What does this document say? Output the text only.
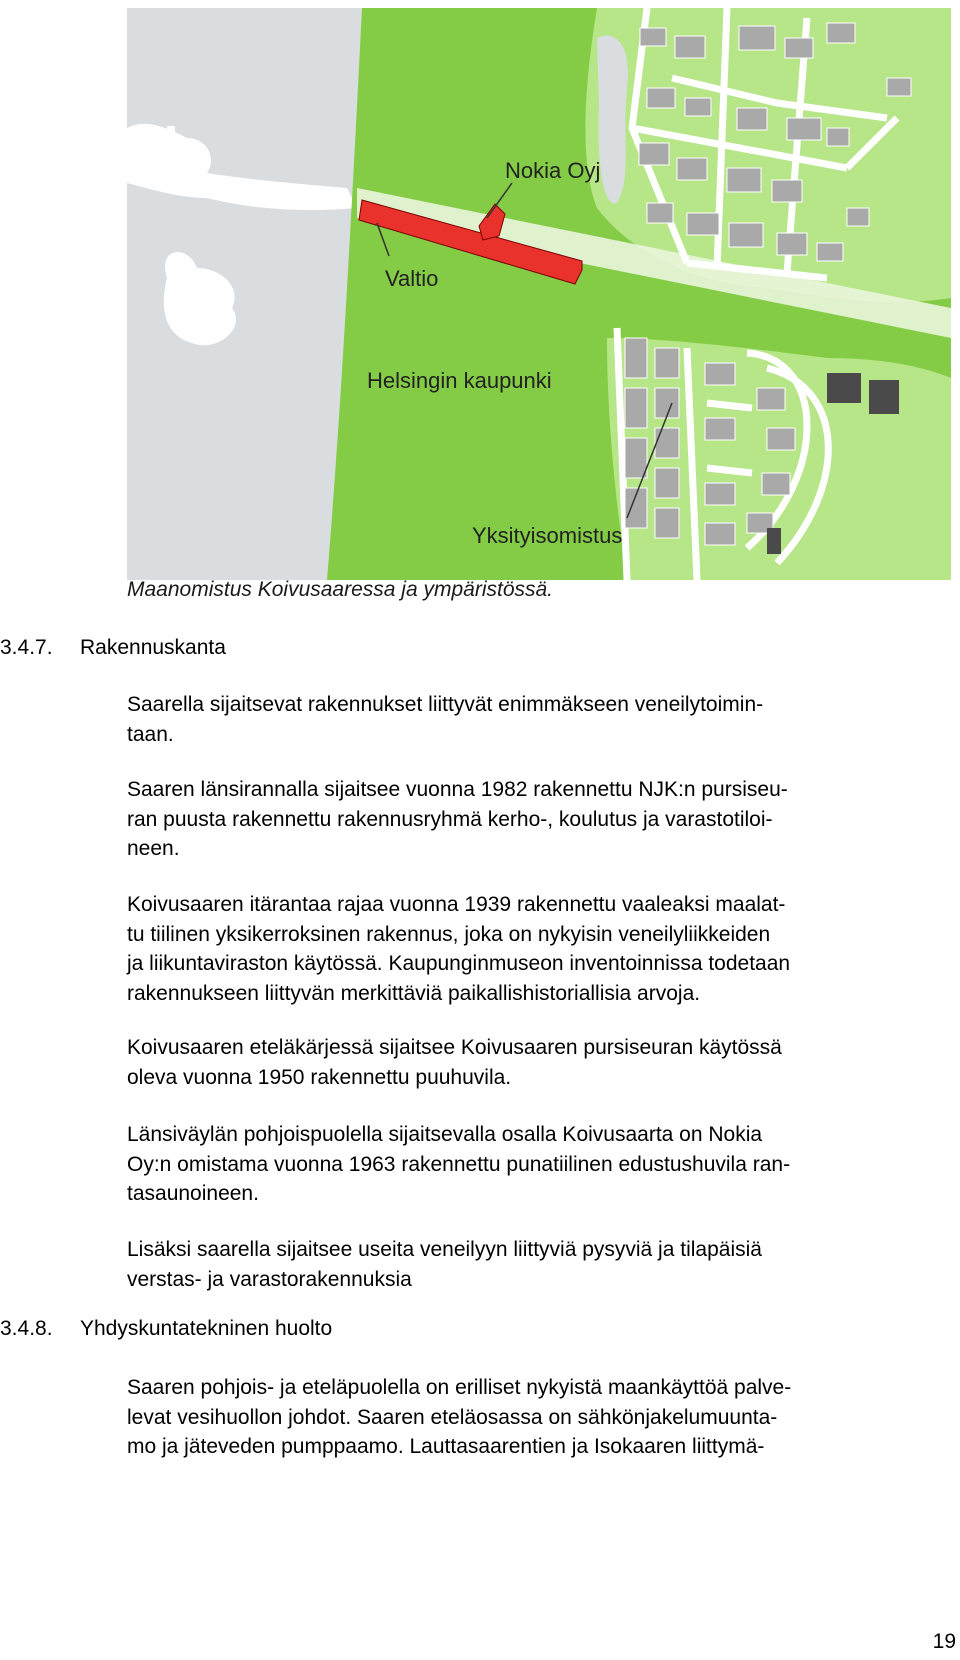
Nokia Oyj
Valtio
Helsingin kaupunki
Yksityisomistus
Maanomistus Koivusaaressa ja ympäristössä.
3.4.7. Rakennuskanta
Saarella sijaitsevat rakennukset liittyvät enimmäkseen veneilytoimin-
taan.
Saaren länsirannalla sijaitsee vuonna 1982 rakennettu NJK:n pursiseu-
ran puusta rakennettu rakennusryhmä kerho-, koulutus ja varastotiloi-
neen.
Koivusaaren itärantaa rajaa vuonna 1939 rakennettu vaaleaksi maalat-
tu tiilinen yksikerroksinen rakennus, joka on nykyisin veneilyliikkeiden
ja liikuntaviraston käytössä. Kaupunginmuseon inventoinnissa todetaan
rakennukseen liittyvän merkittäviä paikallishistoriallisia arvoja.
Koivusaaren eteläkärjessä sijaitsee Koivusaaren pursiseuran käytössä
oleva vuonna 1950 rakennettu puuhuvila.
Länsiväylän pohjoispuolella sijaitsevalla osalla Koivusaarta on Nokia
Oy:n omistama vuonna 1963 rakennettu punatiilinen edustushuvila ran-
tasaunoineen.
Lisäksi saarella sijaitsee useita veneilyyn liittyviä pysyviä ja tilapäisiä
verstas- ja varastorakennuksia
3.4.8. Yhdyskuntatekninen huolto
Saaren pohjois- ja eteläpuolella on erilliset nykyistä maankäyttöä palve-
levat vesihuollon johdot. Saaren eteläosassa on sähkönjakelumuunta-
mo ja jäteveden pumppaamo. Lauttasaarentien ja Isokaaren liittymä-
19
